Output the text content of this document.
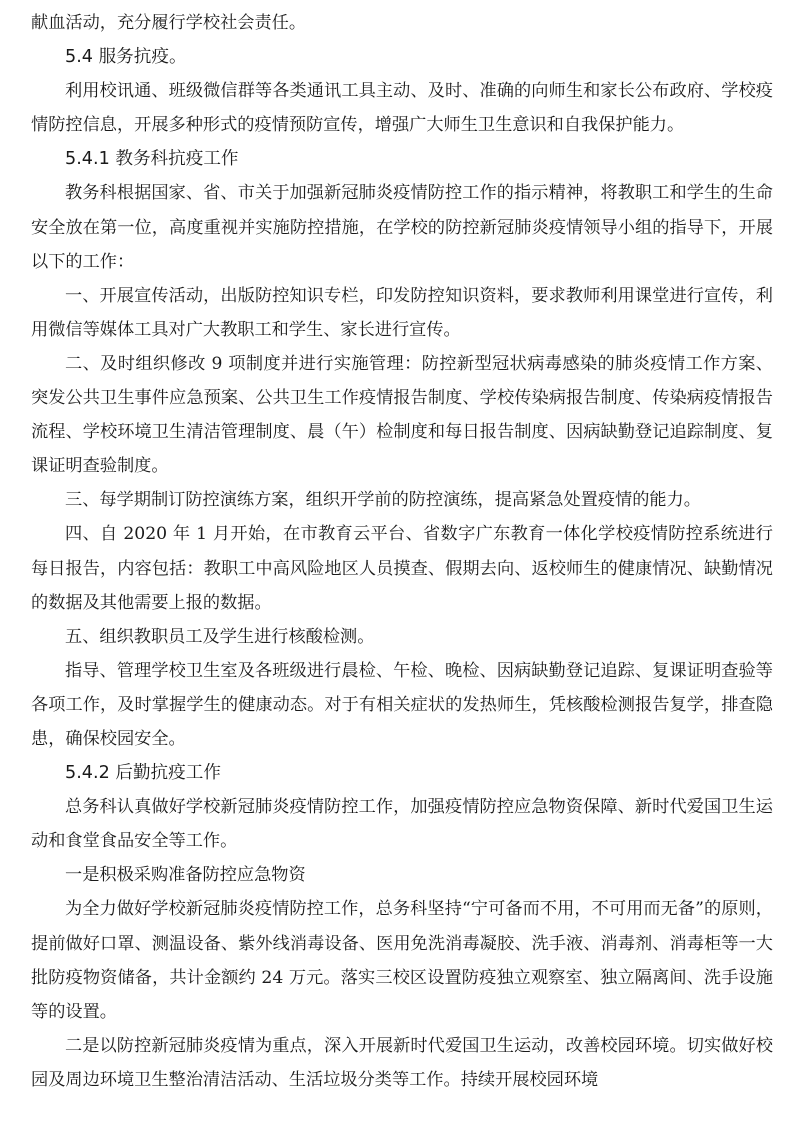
献血活动，充分履行学校社会责任。

5.4 服务抗疫。

利用校讯通、班级微信群等各类通讯工具主动、及时、准确的向师生和家长公布政府、学校疫情防控信息，开展多种形式的疫情预防宣传，增强广大师生卫生意识和自我保护能力。

5.4.1 教务科抗疫工作

教务科根据国家、省、市关于加强新冠肺炎疫情防控工作的指示精神，将教职工和学生的生命安全放在第一位，高度重视并实施防控措施，在学校的防控新冠肺炎疫情领导小组的指导下，开展以下的工作：

一、开展宣传活动，出版防控知识专栏，印发防控知识资料，要求教师利用课堂进行宣传，利用微信等媒体工具对广大教职工和学生、家长进行宣传。

二、及时组织修改 9 项制度并进行实施管理：防控新型冠状病毒感染的肺炎疫情工作方案、突发公共卫生事件应急预案、公共卫生工作疫情报告制度、学校传染病报告制度、传染病疫情报告流程、学校环境卫生清洁管理制度、晨（午）检制度和每日报告制度、因病缺勤登记追踪制度、复课证明查验制度。

三、每学期制订防控演练方案，组织开学前的防控演练，提高紧急处置疫情的能力。

四、自 2020 年 1 月开始，在市教育云平台、省数字广东教育一体化学校疫情防控系统进行每日报告，内容包括：教职工中高风险地区人员摸查、假期去向、返校师生的健康情况、缺勤情况的数据及其他需要上报的数据。

五、组织教职员工及学生进行核酸检测。

指导、管理学校卫生室及各班级进行晨检、午检、晚检、因病缺勤登记追踪、复课证明查验等各项工作，及时掌握学生的健康动态。对于有相关症状的发热师生，凭核酸检测报告复学，排查隐患，确保校园安全。

5.4.2 后勤抗疫工作

总务科认真做好学校新冠肺炎疫情防控工作，加强疫情防控应急物资保障、新时代爱国卫生运动和食堂食品安全等工作。

一是积极采购准备防控应急物资

为全力做好学校新冠肺炎疫情防控工作，总务科坚持“宁可备而不用，不可用而无备”的原则，提前做好口罩、测温设备、紫外线消毒设备、医用免洗消毒凝胶、洗手液、消毒剂、消毒柜等一大批防疫物资储备，共计金额约 24 万元。落实三校区设置防疫独立观察室、独立隔离间、洗手设施等的设置。

二是以防控新冠肺炎疫情为重点，深入开展新时代爱国卫生运动，改善校园环境。切实做好校园及周边环境卫生整治清洁活动、生活垃圾分类等工作。持续开展校园环境
